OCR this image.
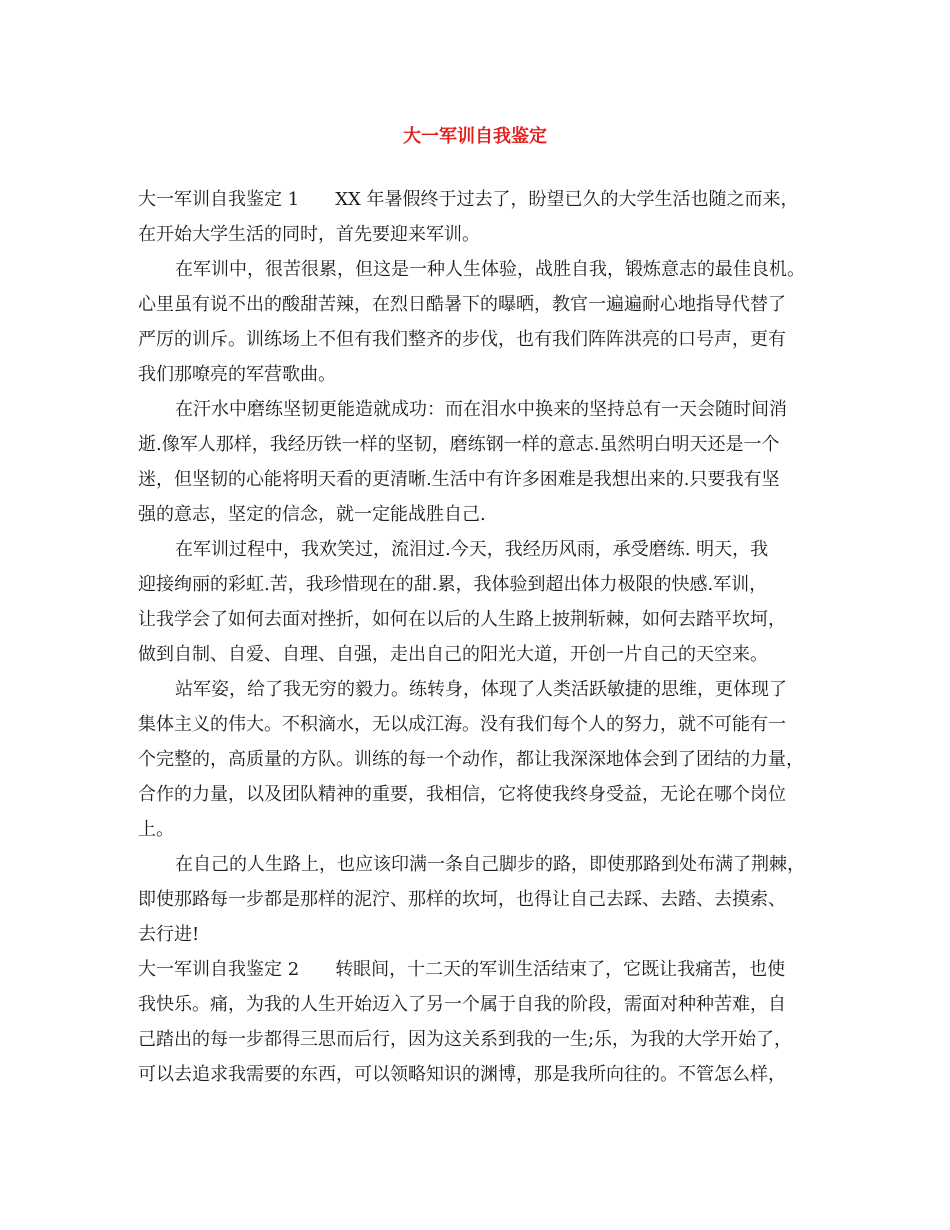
大一军训自我鉴定
大一军训自我鉴定 1 XX 年暑假终于过去了，盼望已久的大学生活也随之而来，
在开始大学生活的同时，首先要迎来军训。
在军训中，很苦很累，但这是一种人生体验，战胜自我，锻炼意志的最佳良机。
心里虽有说不出的酸甜苦辣，在烈日酷暑下的曝晒，教官一遍遍耐心地指导代替了
严厉的训斥。训练场上不但有我们整齐的步伐，也有我们阵阵洪亮的口号声，更有
我们那嘹亮的军营歌曲。
在汗水中磨练坚韧更能造就成功：而在泪水中换来的坚持总有一天会随时间消
逝.像军人那样，我经历铁一样的坚韧，磨练钢一样的意志.虽然明白明天还是一个
迷，但坚韧的心能将明天看的更清晰.生活中有许多困难是我想出来的.只要我有坚
强的意志，坚定的信念，就一定能战胜自己.
在军训过程中，我欢笑过，流泪过.今天，我经历风雨，承受磨练. 明天，我
迎接绚丽的彩虹.苦，我珍惜现在的甜.累，我体验到超出体力极限的快感.军训，
让我学会了如何去面对挫折，如何在以后的人生路上披荆斩棘，如何去踏平坎坷，
做到自制、自爱、自理、自强，走出自己的阳光大道，开创一片自己的天空来。
站军姿，给了我无穷的毅力。练转身，体现了人类活跃敏捷的思维，更体现了
集体主义的伟大。不积滴水，无以成江海。没有我们每个人的努力，就不可能有一
个完整的，高质量的方队。训练的每一个动作，都让我深深地体会到了团结的力量，
合作的力量，以及团队精神的重要，我相信，它将使我终身受益，无论在哪个岗位
上。
在自己的人生路上，也应该印满一条自己脚步的路，即使那路到处布满了荆棘，
即使那路每一步都是那样的泥泞、那样的坎坷，也得让自己去踩、去踏、去摸索、
去行进!
大一军训自我鉴定 2 转眼间，十二天的军训生活结束了，它既让我痛苦，也使
我快乐。痛，为我的人生开始迈入了另一个属于自我的阶段，需面对种种苦难，自
己踏出的每一步都得三思而后行，因为这关系到我的一生;乐，为我的大学开始了，
可以去追求我需要的东西，可以领略知识的渊博，那是我所向往的。不管怎么样，
